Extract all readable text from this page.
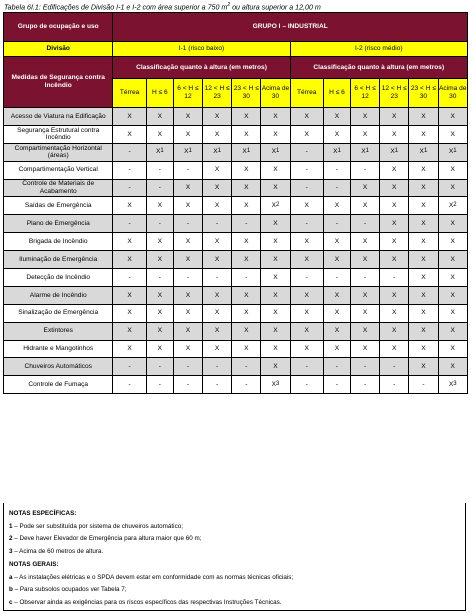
Tabela 6I.1: Edificações de Divisão I-1 e I-2 com área superior a 750 $m^2$ ou altura superior a 12,00 m
Grupo de ocupação e uso	GRUPO I – INDUSTRIAL											
Divisão	I-1 (risco baixo)						I-2 (risco médio)					
Medidas de Segurança contra Incêndio	Classificação quanto à altura (em metros)						Classificação quanto à altura (em metros)					
	Térrea	H ≤ 6	6 < H ≤ 12	12 < H ≤ 23	23 < H ≤ 30	Acima de 30	Térrea	H ≤ 6	6 < H ≤ 12	12 < H ≤ 23	23 < H ≤ 30	Acima de 30
Acesso de Viatura na Edificação	X	X	X	X	X	X	X	X	X	X	X	X
Segurança Estrutural contra Incêndio	X	X	X	X	X	X	X	X	X	X	X	X
Compartimentação Horizontal (áreas)	-	$X^1$	$X^1$	$X^1$	$X^1$	$X^1$	-	$X^1$	$X^1$	$X^1$	$X^1$	$X^1$
Compartimentação Vertical	-	-	-	X	X	X	-	-	-	X	X	X
Controle de Materiais de Acabamento	-	-	X	X	X	X	-	-	X	X	X	X
Saídas de Emergência	X	X	X	X	X	$X^2$	X	X	X	X	X	$X^2$
Plano de Emergência	-	-	-	-	-	X	-	-	-	X	X	X
Brigada de Incêndio	X	X	X	X	X	X	X	X	X	X	X	X
Iluminação de Emergência	X	X	X	X	X	X	X	X	X	X	X	X
Detecção de Incêndio	-	-	-	-	-	X	-	-	-	-	X	X
Alarme de Incêndio	X	X	X	X	X	X	X	X	X	X	X	X
Sinalização de Emergência	X	X	X	X	X	X	X	X	X	X	X	X
Extintores	X	X	X	X	X	X	X	X	X	X	X	X
Hidrante e Mangotinhos	X	X	X	X	X	X	X	X	X	X	X	X
Chuveiros Automáticos	-	-	-	-	-	X	-	-	-	-	X	X
Controle de Fumaça	-	-	-	-	-	$X^3$	-	-	-	-	-	$X^3$
NOTAS ESPECÍFICAS:
1 – Pode ser substituída por sistema de chuveiros automático;
2 – Deve haver Elevador de Emergência para altura maior que 60 m;
3 – Acima de 60 metros de altura.
NOTAS GERAIS:
a – As instalações elétricas e o SPDA devem estar em conformidade com as normas técnicas oficiais;
b – Para subsolos ocupados ver Tabela 7;
c – Observar ainda as exigências para os riscos específicos das respectivas Instruções Técnicas.
